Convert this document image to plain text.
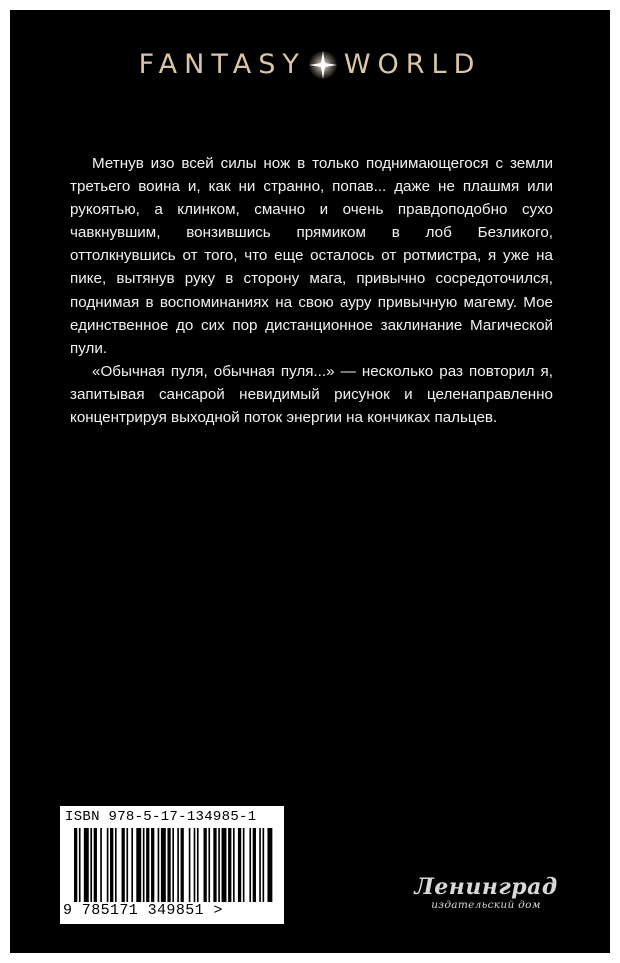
FANTASY WORLD

Метнув изо всей силы нож в только поднимающегося с земли третьего воина и, как ни странно, попав... даже не плашмя или рукоятью, а клинком, смачно и очень правдоподобно сухо чавкнувшим, вонзившись прямиком в лоб Безликого, оттолкнувшись от того, что еще осталось от ротмистра, я уже на пике, вытянув руку в сторону мага, привычно сосредоточился, поднимая в воспоминаниях на свою ауру привычную магему. Мое единственное до сих пор дистанционное заклинание Магической пули.

«Обычная пуля, обычная пуля...» — несколько раз повторил я, запитывая сансарой невидимый рисунок и целенаправленно концентрируя выходной поток энергии на кончиках пальцев.

ISBN 978-5-17-134985-1
9 785171 349851 >
Ленинград
издательский дом
